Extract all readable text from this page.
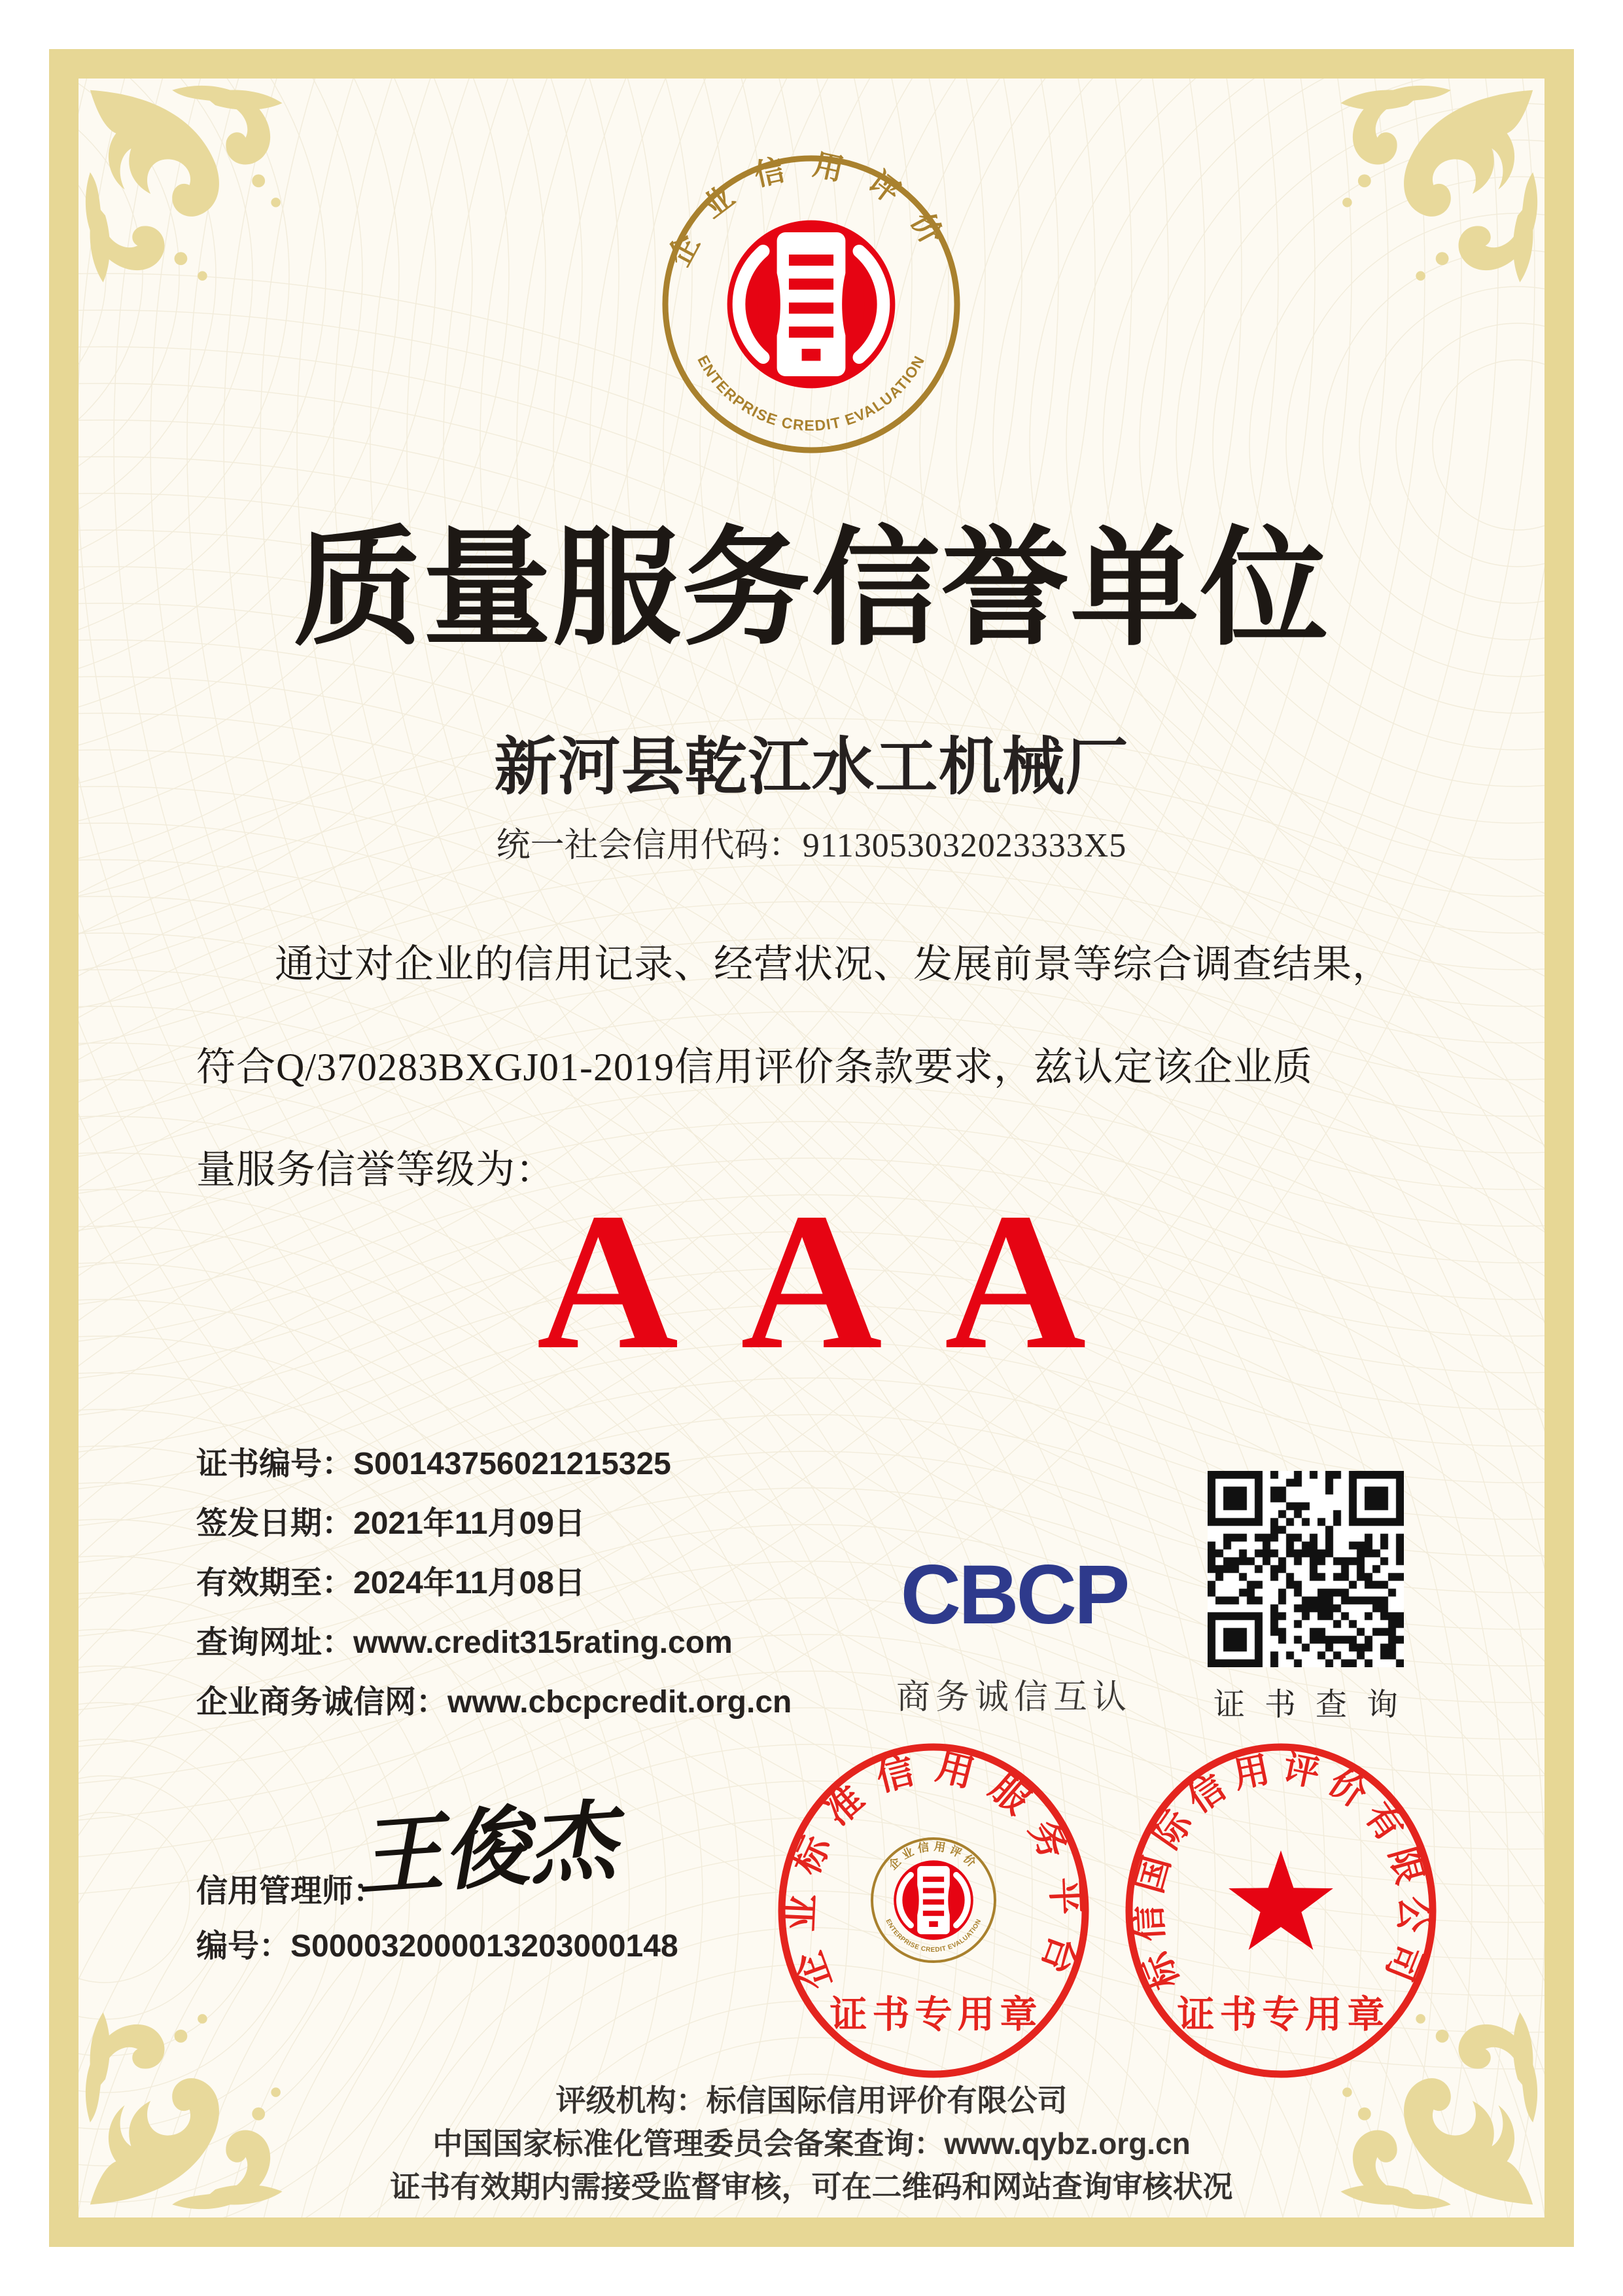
企业信用评价
ENTERPRISE CREDIT EVALUATION
质量服务信誉单位
新河县乾江水工机械厂
统一社会信用代码：9113053032023333X5
通过对企业的信用记录、经营状况、发展前景等综合调查结果，
符合Q/370283BXGJ01-2019信用评价条款要求，兹认定该企业质
量服务信誉等级为：
AAA
证书编号：S00143756021215325
签发日期：2021年11月09日
有效期至：2024年11月08日
查询网址：www.credit315rating.com
企业商务诚信网：www.cbcpcredit.org.cn
CBCP
商务诚信互认	证书查询
信用管理师：
王俊杰
编号：S000032000013203000148	企业标准信用服务平台
企业信用评价
ENTERPRISE CREDIT EVALUATION
证书专用章
标信国际信用评价有限公司
证书专用章
评级机构：标信国际信用评价有限公司
中国国家标准化管理委员会备案查询：www.qybz.org.cn
证书有效期内需接受监督审核，可在二维码和网站查询审核状况
